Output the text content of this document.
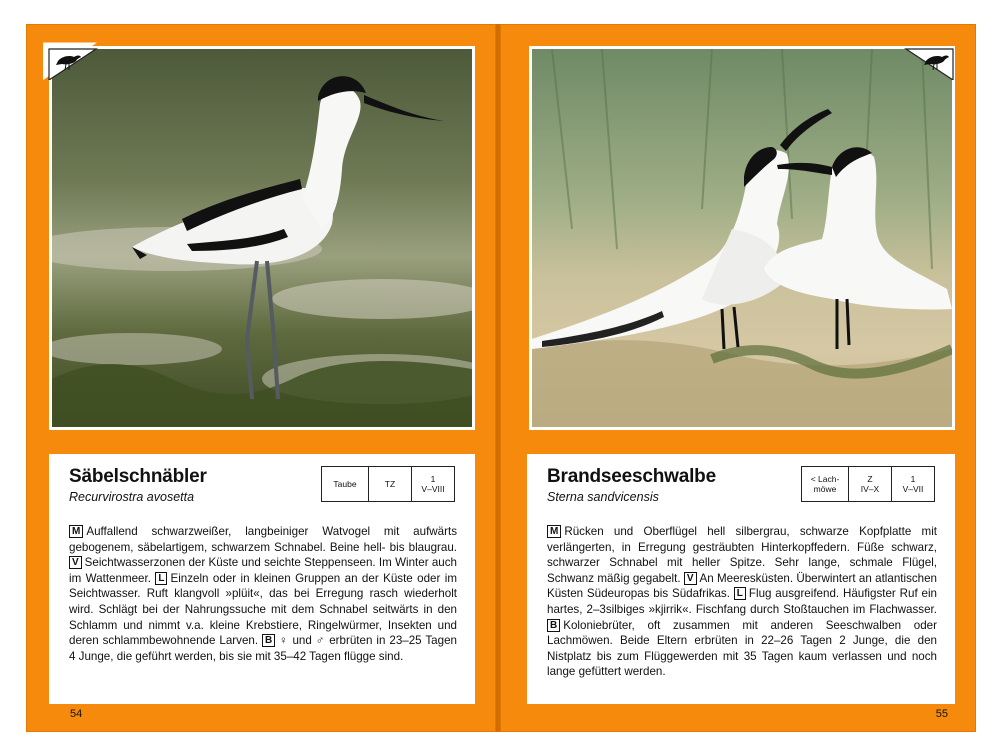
Säbelschnäbler
Recurvirostra avosetta
Taube	TZ	1
V–VIII
M Auffallend schwarzweißer, langbeiniger Watvogel mit aufwärts gebogenem, säbelartigem, schwarzem Schnabel. Beine hell- bis blaugrau. V Seichtwasserzonen der Küste und seichte Steppenseen. Im Winter auch im Wattenmeer. L Einzeln oder in kleinen Gruppen an der Küste oder im Seichtwasser. Ruft klangvoll »plüit«, das bei Erregung rasch wiederholt wird. Schlägt bei der Nahrungssuche mit dem Schnabel seitwärts in den Schlamm und nimmt v.a. kleine Krebstiere, Ringelwürmer, Insekten und deren schlammbewohnende Larven. B ♀ und ♂ erbrüten in 23–25 Tagen 4 Junge, die geführt werden, bis sie mit 35–42 Tagen flügge sind.
54
Brandseeschwalbe
Sterna sandvicensis
< Lach-
möwe
Z
IV–X
1
V–VII
M Rücken und Oberflügel hell silbergrau, schwarze Kopfplatte mit verlängerten, in Erregung gesträubten Hinterkopffedern. Füße schwarz, schwarzer Schnabel mit heller Spitze. Sehr lange, schmale Flügel, Schwanz mäßig gegabelt. V An Meeresküsten. Überwintert an atlantischen Küsten Südeuropas bis Südafrikas. L Flug ausgreifend. Häufigster Ruf ein hartes, 2–3silbiges »kjirrik«. Fischfang durch Stoßtauchen im Flachwasser. B Koloniebrüter, oft zusammen mit anderen Seeschwalben oder Lachmöwen. Beide Eltern erbrüten in 22–26 Tagen 2 Junge, die den Nistplatz bis zum Flüggewerden mit 35 Tagen kaum verlassen und noch lange gefüttert werden.
55
